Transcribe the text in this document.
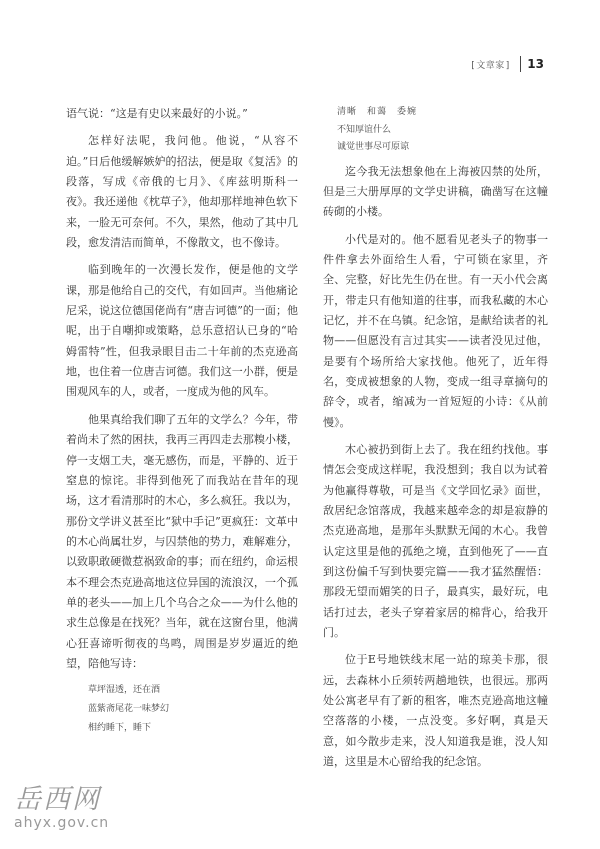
[ 文章家 ]	13

语气说：“这是有史以来最好的小说。”

怎样好法呢，我问他。他说，“从容不迫。”日后他缓解嫉妒的招法，便是取《复活》的段落，写成《帝俄的七月》、《库兹明斯科一夜》。我还递他《枕草子》，他却那样地神色软下来，一脸无可奈何。不久，果然，他动了其中几段，愈发清洁而简单，不像散文，也不像诗。

临到晚年的一次漫长发作，便是他的文学课，那是他给自己的交代，有如回声。当他痛论尼采，说这位德国佬尚有“唐吉诃德”的一面；他呢，出于自嘲抑或策略，总乐意招认已身的“哈姆雷特”性，但我录眼目击二十年前的杰克逊高地，也住着一位唐吉诃德。我们这一小群，便是围观风车的人，或者，一度成为他的风车。

他果真给我们聊了五年的文学么？今年，带着尚未了然的困扶，我再三再四走去那糗小楼，停一支烟工夫，毫无感伤，而是，平静的、近于窒息的惊诧。非得到他死了而我站在昔年的现场，这才看清那时的木心，多么疯狂。我以为，那份文学讲义甚至比“狱中手记”更疯狂：文革中的木心尚属壮岁，与囚禁他的势力，难解难分，以致职敢硬微惹祸致命的事；而在纽约，命运根本不理会杰克逊高地这位异国的流浪汉，一个孤单的老头——加上几个乌合之众——为什么他的求生总像是在找死？当年，就在这窗台里，他满心狂喜谛听彻夜的鸟鸣，周围是岁岁逼近的绝望，陪他写诗：

草坪湿透，还在酒
蓝紫斋尾花一味梦幻
相约睡下，睡下
清晰　和蔼　委婉
不知厚谊什么
诚觉世事尽可原谅

迄今我无法想象他在上海被囚禁的处所，但是三大册厚厚的文学史讲稿，确凿写在这幢砖砌的小楼。

小代是对的。他不愿看见老头子的物事一件件拿去外面给生人看，宁可锁在家里，齐全、完整，好比先生仍在世。有一天小代会离开，带走只有他知道的往事，而我私藏的木心记忆，并不在乌镇。纪念馆，是献给读者的礼物——但愿没有言过其实——读者没见过他，是要有个场所给大家找他。他死了，近年得名，变成被想象的人物，变成一组寻章摘句的辞令，或者，缩减为一首短短的小诗：《从前慢》。

木心被扔到街上去了。我在纽约找他。事情怎会变成这样呢，我没想到；我自以为试着为他赢得尊敬，可是当《文学回忆录》面世，敌居纪念馆落成，我越来越牵念的却是寂静的杰克逊高地，是那年头默默无闻的木心。我曾认定这里是他的孤绝之境，直到他死了——直到这份偏千写到快要完篇——我才猛然醒悟：那段无望而媚笑的日子，最真实，最好玩，电话打过去，老头子穿着家居的棉背心，给我开门。

位于E号地铁线末尾一站的琼美卡那，很远，去森林小丘须转两趟地铁，也很远。那两处公寓老早有了新的租客，唯杰克逊高地这幢空落落的小楼，一点没变。多好啊，真是天意，如今散步走来，没人知道我是谁，没人知道，这里是木心留给我的纪念馆。

岳西网
ahyx.gov.cn
